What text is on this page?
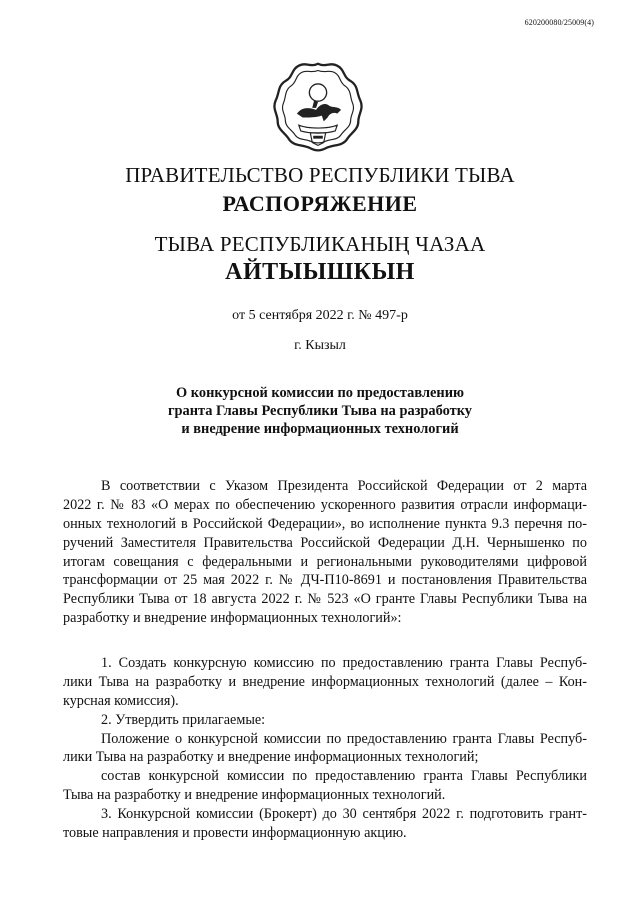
620200080/25009(4)
ПРАВИТЕЛЬСТВО РЕСПУБЛИКИ ТЫВА
РАСПОРЯЖЕНИЕ
ТЫВА РЕСПУБЛИКАНЫҢ ЧАЗАА
АЙТЫЫШКЫН
от 5 сентября 2022 г. № 497-р
г. Кызыл
О конкурсной комиссии по предоставлению
гранта Главы Республики Тыва на разработку
и внедрение информационных технологий
В соответствии с Указом Президента Российской Федерации от 2 марта
2022 г. № 83 «О мерах по обеспечению ускоренного развития отрасли информаци-
онных технологий в Российской Федерации», во исполнение пункта 9.3 перечня по-
ручений Заместителя Правительства Российской Федерации Д.Н. Чернышенко по
итогам совещания с федеральными и региональными руководителями цифровой
трансформации от 25 мая 2022 г. № ДЧ-П10-8691 и постановления Правительства
Республики Тыва от 18 августа 2022 г. № 523 «О гранте Главы Республики Тыва на
разработку и внедрение информационных технологий»:
1. Создать конкурсную комиссию по предоставлению гранта Главы Респуб-
лики Тыва на разработку и внедрение информационных технологий (далее – Кон-
курсная комиссия).
2. Утвердить прилагаемые:
Положение о конкурсной комиссии по предоставлению гранта Главы Респуб-
лики Тыва на разработку и внедрение информационных технологий;
состав конкурсной комиссии по предоставлению гранта Главы Республики
Тыва на разработку и внедрение информационных технологий.
3. Конкурсной комиссии (Брокерт) до 30 сентября 2022 г. подготовить грант-
товые направления и провести информационную акцию.
